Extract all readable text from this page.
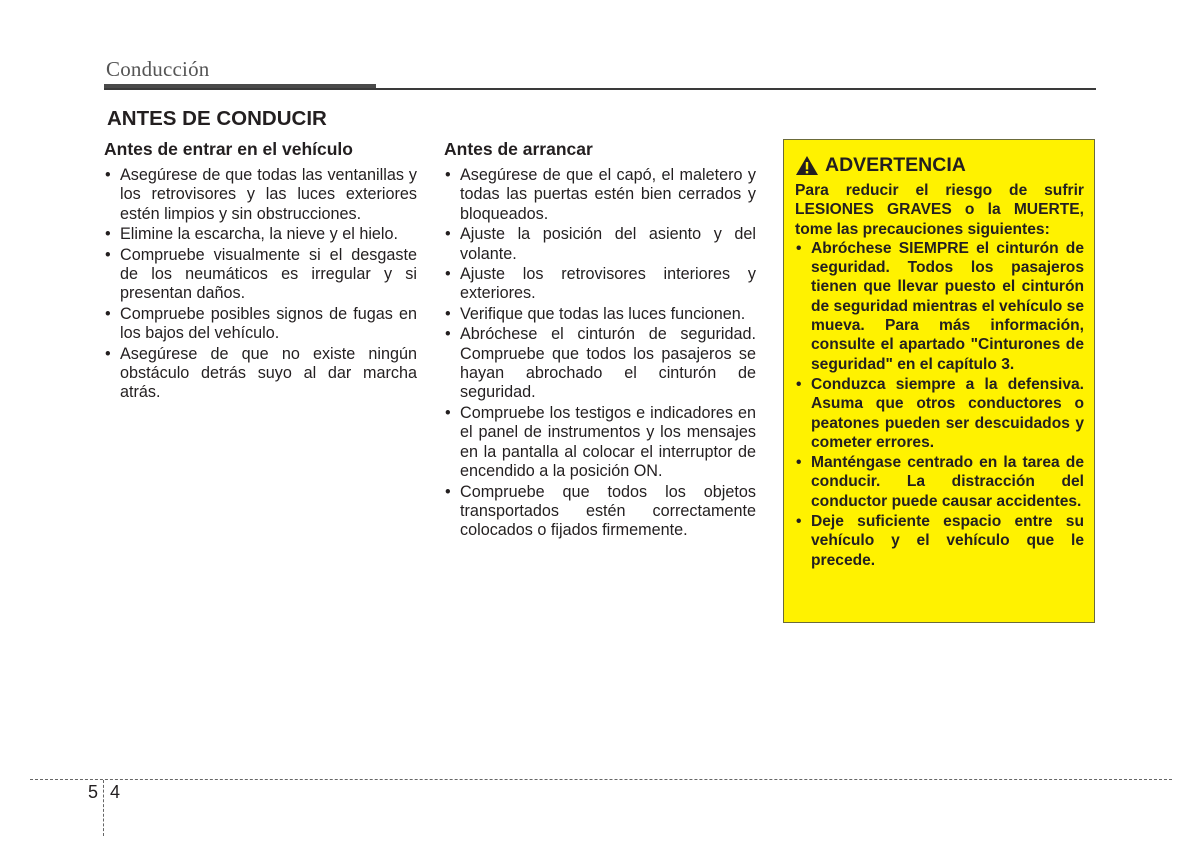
Conducción
ANTES DE CONDUCIR
Antes de entrar en el vehículo
• Asegúrese de que todas las ventanillas y los retrovisores y las luces exteriores estén limpios y sin obstrucciones.
• Elimine la escarcha, la nieve y el hielo.
• Compruebe visualmente si el desgaste de los neumáticos es irregular y si presentan daños.
• Compruebe posibles signos de fugas en los bajos del vehículo.
• Asegúrese de que no existe ningún obstáculo detrás suyo al dar marcha atrás.
Antes de arrancar
• Asegúrese de que el capó, el maletero y todas las puertas estén bien cerrados y bloqueados.
• Ajuste la posición del asiento y del volante.
• Ajuste los retrovisores interiores y exteriores.
• Verifique que todas las luces funcionen.
• Abróchese el cinturón de seguridad. Compruebe que todos los pasajeros se hayan abrochado el cinturón de seguridad.
• Compruebe los testigos e indicadores en el panel de instrumentos y los mensajes en la pantalla al colocar el interruptor de encendido a la posición ON.
• Compruebe que todos los objetos transportados estén correctamente colocados o fijados firmemente.
ADVERTENCIA

Para reducir el riesgo de sufrir LESIONES GRAVES o la MUERTE, tome las precauciones siguientes:

• Abróchese SIEMPRE el cinturón de seguridad. Todos los pasajeros tienen que llevar puesto el cinturón de seguridad mientras el vehículo se mueva. Para más información, consulte el apartado "Cinturones de seguridad" en el capítulo 3.
• Conduzca siempre a la defensiva. Asuma que otros conductores o peatones pueden ser descuidados y cometer errores.
• Manténgase centrado en la tarea de conducir. La distracción del conductor puede causar accidentes.
• Deje suficiente espacio entre su vehículo y el vehículo que le precede.
5 4
